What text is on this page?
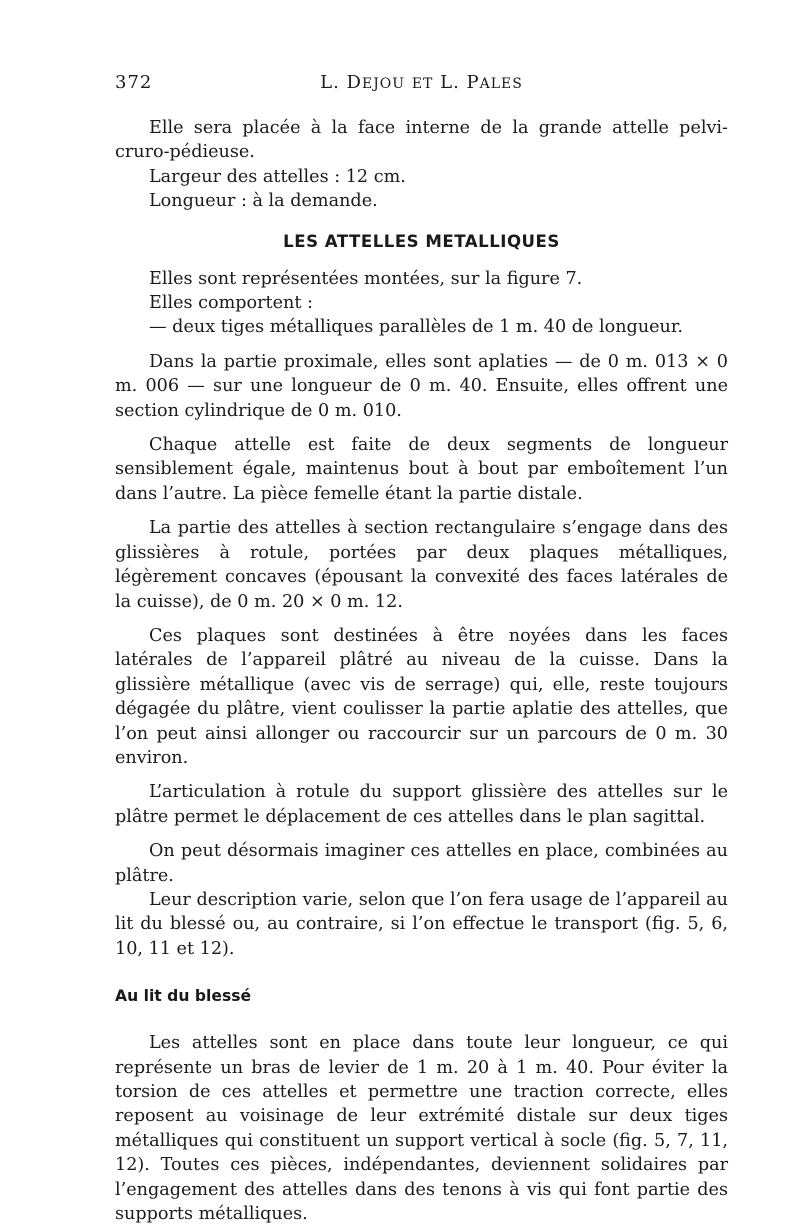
372	L. DEJOU ET L. PALES

Elle sera placée à la face interne de la grande attelle pelvi-cruro-pédieuse.

Largeur des attelles : 12 cm.

Longueur : à la demande.

LES ATTELLES METALLIQUES

Elles sont représentées montées, sur la figure 7.

Elles comportent :

— deux tiges métalliques parallèles de 1 m. 40 de longueur.

Dans la partie proximale, elles sont aplaties — de 0 m. 013 × 0 m. 006 — sur une longueur de 0 m. 40. Ensuite, elles offrent une section cylindrique de 0 m. 010.

Chaque attelle est faite de deux segments de longueur sensiblement égale, maintenus bout à bout par emboîtement l’un dans l’autre. La pièce femelle étant la partie distale.

La partie des attelles à section rectangulaire s’engage dans des glissières à rotule, portées par deux plaques métalliques, légèrement concaves (épousant la convexité des faces latérales de la cuisse), de 0 m. 20 × 0 m. 12.

Ces plaques sont destinées à être noyées dans les faces latérales de l’appareil plâtré au niveau de la cuisse. Dans la glissière métallique (avec vis de serrage) qui, elle, reste toujours dégagée du plâtre, vient coulisser la partie aplatie des attelles, que l’on peut ainsi allonger ou raccourcir sur un parcours de 0 m. 30 environ.

L’articulation à rotule du support glissière des attelles sur le plâtre permet le déplacement de ces attelles dans le plan sagittal.

On peut désormais imaginer ces attelles en place, combinées au plâtre.

Leur description varie, selon que l’on fera usage de l’appareil au lit du blessé ou, au contraire, si l’on effectue le transport (fig. 5, 6, 10, 11 et 12).

Au lit du blessé

Les attelles sont en place dans toute leur longueur, ce qui représente un bras de levier de 1 m. 20 à 1 m. 40. Pour éviter la torsion de ces attelles et permettre une traction correcte, elles reposent au voisinage de leur extrémité distale sur deux tiges métalliques qui constituent un support vertical à socle (fig. 5, 7, 11, 12). Toutes ces pièces, indépendantes, deviennent solidaires par l’engagement des attelles dans des tenons à vis qui font partie des supports métalliques.
